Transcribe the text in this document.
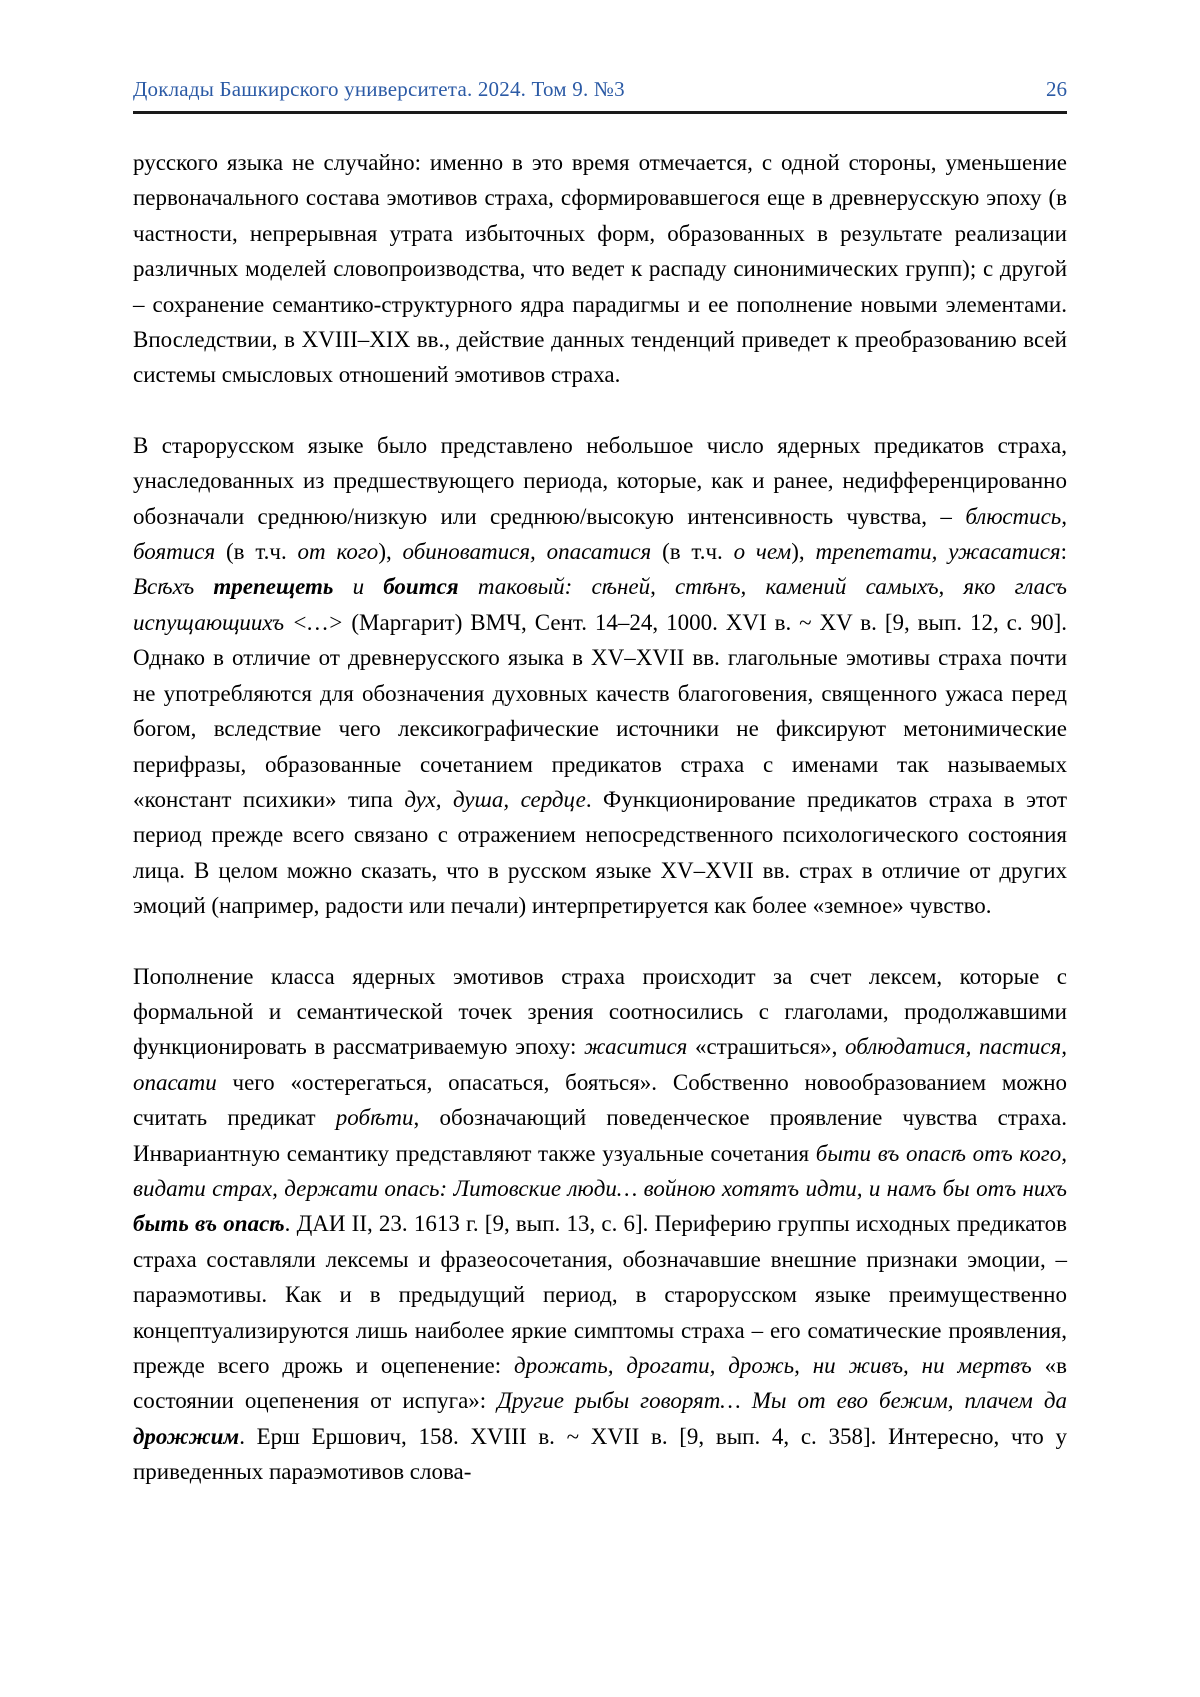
Доклады Башкирского университета. 2024. Том 9. №3	26
русского языка не случайно: именно в это время отмечается, с одной стороны, уменьшение первоначального состава эмотивов страха, сформировавшегося еще в древнерусскую эпоху (в частности, непрерывная утрата избыточных форм, образованных в результате реализации различных моделей словопроизводства, что ведет к распаду синонимических групп); с другой – сохранение семантико-структурного ядра парадигмы и ее пополнение новыми элементами. Впоследствии, в XVIII–XIX вв., действие данных тенденций приведет к преобразованию всей системы смысловых отношений эмотивов страха.
В старорусском языке было представлено небольшое число ядерных предикатов страха, унаследованных из предшествующего периода, которые, как и ранее, недифференцированно обозначали среднюю/низкую или среднюю/высокую интенсивность чувства, – блюстись, боятися (в т.ч. от кого), обиноватися, опасатися (в т.ч. о чем), трепетати, ужасатися: Всѣхъ трепещеть и боится таковый: сѣней, стѣнъ, камений самыхъ, яко гласъ испущающиихъ <…> (Маргарит) ВМЧ, Сент. 14–24, 1000. XVI в. ~ XV в. [9, вып. 12, с. 90]. Однако в отличие от древнерусского языка в XV–XVII вв. глагольные эмотивы страха почти не употребляются для обозначения духовных качеств благоговения, священного ужаса перед богом, вследствие чего лексикографические источники не фиксируют метонимические перифразы, образованные сочетанием предикатов страха с именами так называемых «констант психики» типа дух, душа, сердце. Функционирование предикатов страха в этот период прежде всего связано с отражением непосредственного психологического состояния лица. В целом можно сказать, что в русском языке XV–XVII вв. страх в отличие от других эмоций (например, радости или печали) интерпретируется как более «земное» чувство.
Пополнение класса ядерных эмотивов страха происходит за счет лексем, которые с формальной и семантической точек зрения соотносились с глаголами, продолжавшими функционировать в рассматриваемую эпоху: жаситися «страшиться», облюдатися, пастися, опасати чего «остерегаться, опасаться, бояться». Собственно новообразованием можно считать предикат робѣти, обозначающий поведенческое проявление чувства страха. Инвариантную семантику представляют также узуальные сочетания быти въ опасѣ отъ кого, видати страх, держати опась: Литовские люди… войною хотятъ идти, и намъ бы отъ нихъ быть въ опасѣ. ДАИ II, 23. 1613 г. [9, вып. 13, с. 6]. Периферию группы исходных предикатов страха составляли лексемы и фразеосочетания, обозначавшие внешние признаки эмоции, – параэмотивы. Как и в предыдущий период, в старорусском языке преимущественно концептуализируются лишь наиболее яркие симптомы страха – его соматические проявления, прежде всего дрожь и оцепенение: дрожать, дрогати, дрожь, ни живъ, ни мертвъ «в состоянии оцепенения от испуга»: Другие рыбы говорят… Мы от ево бежим, плачем да дрожжим. Ерш Ершович, 158. XVIII в. ~ XVII в. [9, вып. 4, с. 358]. Интересно, что у приведенных параэмотивов слова-
